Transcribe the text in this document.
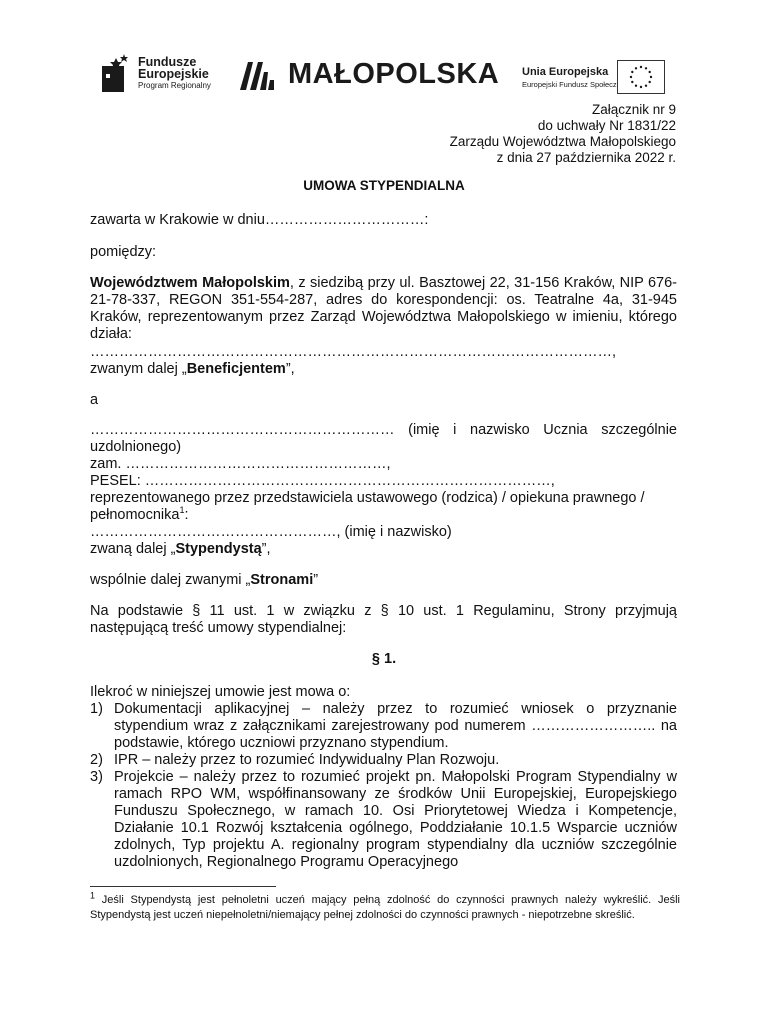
Fundusze
Europejskie
Program Regionalny	MAŁOPOLSKA Unia Europejska
Europejski Fundusz Społeczny
Załącznik nr 9
do uchwały Nr 1831/22
Zarządu Województwa Małopolskiego
z dnia 27 października 2022 r.
UMOWA STYPENDIALNA
zawarta w Krakowie w dniu……………………………:
pomiędzy:
Województwem Małopolskim, z siedzibą przy ul. Basztowej 22, 31-156 Kraków, NIP 676-21-78-337, REGON 351-554-287, adres do korespondencji: os. Teatralne 4a, 31-945 Kraków, reprezentowanym przez Zarząd Województwa Małopolskiego w imieniu, którego działa:
………………………………………………………………………………………………,
zwanym dalej „Beneficjentem”,
a
……………………………………………………… (imię i nazwisko Ucznia szczególnie uzdolnionego)
zam. ………………………………………………,
PESEL: …………………………………………………………………………,
reprezentowanego przez przedstawiciela ustawowego (rodzica) / opiekuna prawnego / pełnomocnika$^1$:
……………………………………………, (imię i nazwisko)
zwaną dalej „Stypendystą”,
wspólnie dalej zwanymi „Stronami”
Na podstawie § 11 ust. 1 w związku z § 10 ust. 1 Regulaminu, Strony przyjmują następującą treść umowy stypendialnej:
§ 1.
Ilekroć w niniejszej umowie jest mowa o:
1) Dokumentacji aplikacyjnej – należy przez to rozumieć wniosek o przyznanie stypendium wraz z załącznikami zarejestrowany pod numerem …………………….. na podstawie, którego uczniowi przyznano stypendium.
2) IPR – należy przez to rozumieć Indywidualny Plan Rozwoju.
3) Projekcie – należy przez to rozumieć projekt pn. Małopolski Program Stypendialny w ramach RPO WM, współfinansowany ze środków Unii Europejskiej, Europejskiego Funduszu Społecznego, w ramach 10. Osi Priorytetowej Wiedza i Kompetencje, Działanie 10.1 Rozwój kształcenia ogólnego, Poddziałanie 10.1.5 Wsparcie uczniów zdolnych, Typ projektu A. regionalny program stypendialny dla uczniów szczególnie uzdolnionych, Regionalnego Programu Operacyjnego
$^1$ Jeśli Stypendystą jest pełnoletni uczeń mający pełną zdolność do czynności prawnych należy wykreślić. Jeśli Stypendystą jest uczeń niepełnoletni/niemający pełnej zdolności do czynności prawnych - niepotrzebne skreślić.
